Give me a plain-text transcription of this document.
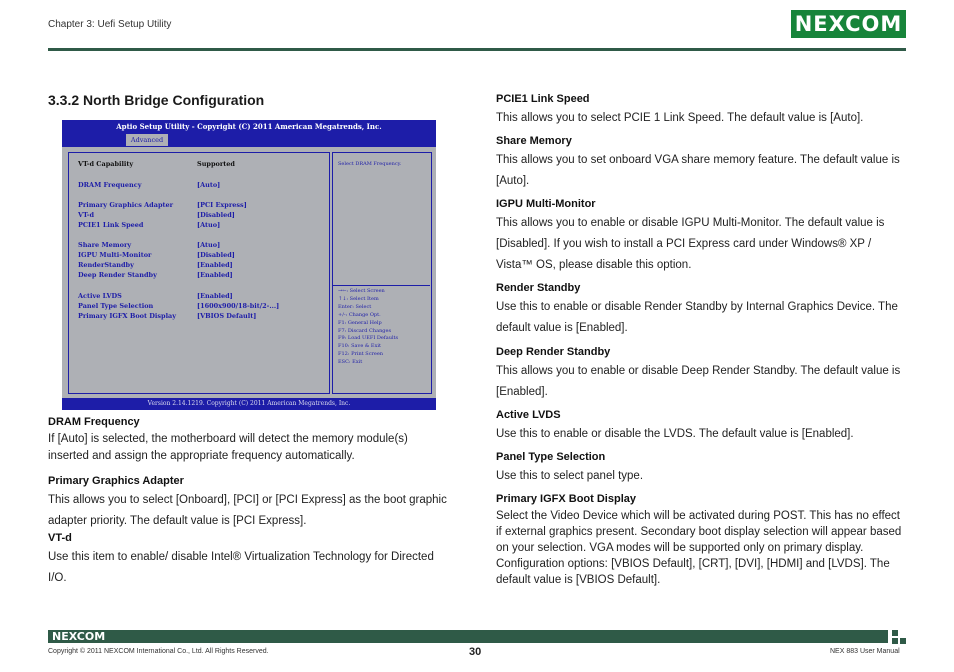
Chapter 3: Uefi Setup Utility	NEXCOM
3.3.2 North Bridge Configuration
Aptio Setup Utility - Copyright (C) 2011 American Megatrends, Inc.
Advanced
VT-d Capability	Supported
DRAM Frequency	[Auto]
Primary Graphics Adapter	[PCI Express]
VT-d	[Disabled]
PCIE1 Link Speed	[Atuo]
Share Memory	[Atuo]
IGPU Multi-Monitor	[Disabled]
RenderStandby	[Enabled]
Deep Render Standby	[Enabled]
Active LVDS	[Enabled]
Panel Type Selection	[1600x900/18-bit/2-...]
Primary IGFX Boot Display	[VBIOS Default]
Select DRAM Frequency.
→←: Select Screen
↑↓: Select Item
Enter: Select
+/-: Change Opt.
F1: General Help
F7: Discard Changes
F9: Load UEFI Defaults
F10: Save & Exit
F12: Print Screen
ESC: Exit
Version 2.14.1219. Copyright (C) 2011 American Megatrends, Inc.
DRAM Frequency
If [Auto] is selected, the motherboard will detect the memory module(s) inserted and assign the appropriate frequency automatically.
Primary Graphics Adapter
This allows you to select [Onboard], [PCI] or [PCI Express] as the boot graphic adapter priority. The default value is [PCI Express].
VT-d
Use this item to enable/ disable Intel® Virtualization Technology for Directed I/O.
PCIE1 Link Speed
This allows you to select PCIE 1 Link Speed. The default value is [Auto].
Share Memory
This allows you to set onboard VGA share memory feature. The default value is [Auto].
IGPU Multi-Monitor
This allows you to enable or disable IGPU Multi-Monitor. The default value is [Disabled]. If you wish to install a PCI Express card under Windows® XP / Vista™ OS, please disable this option.
Render Standby
Use this to enable or disable Render Standby by Internal Graphics Device. The default value is [Enabled].
Deep Render Standby
This allows you to enable or disable Deep Render Standby. The default value is [Enabled].
Active LVDS
Use this to enable or disable the LVDS. The default value is [Enabled].
Panel Type Selection
Use this to select panel type.
Primary IGFX Boot Display
Select the Video Device which will be activated during POST. This has no effect if external graphics present. Secondary boot display selection will appear based on your selection. VGA modes will be supported only on primary display. Configuration options: [VBIOS Default], [CRT], [DVI], [HDMI] and [LVDS]. The default value is [VBIOS Default].
NEXCOM
Copyright © 2011 NEXCOM International Co., Ltd. All Rights Reserved.	30	NEX 883 User Manual
